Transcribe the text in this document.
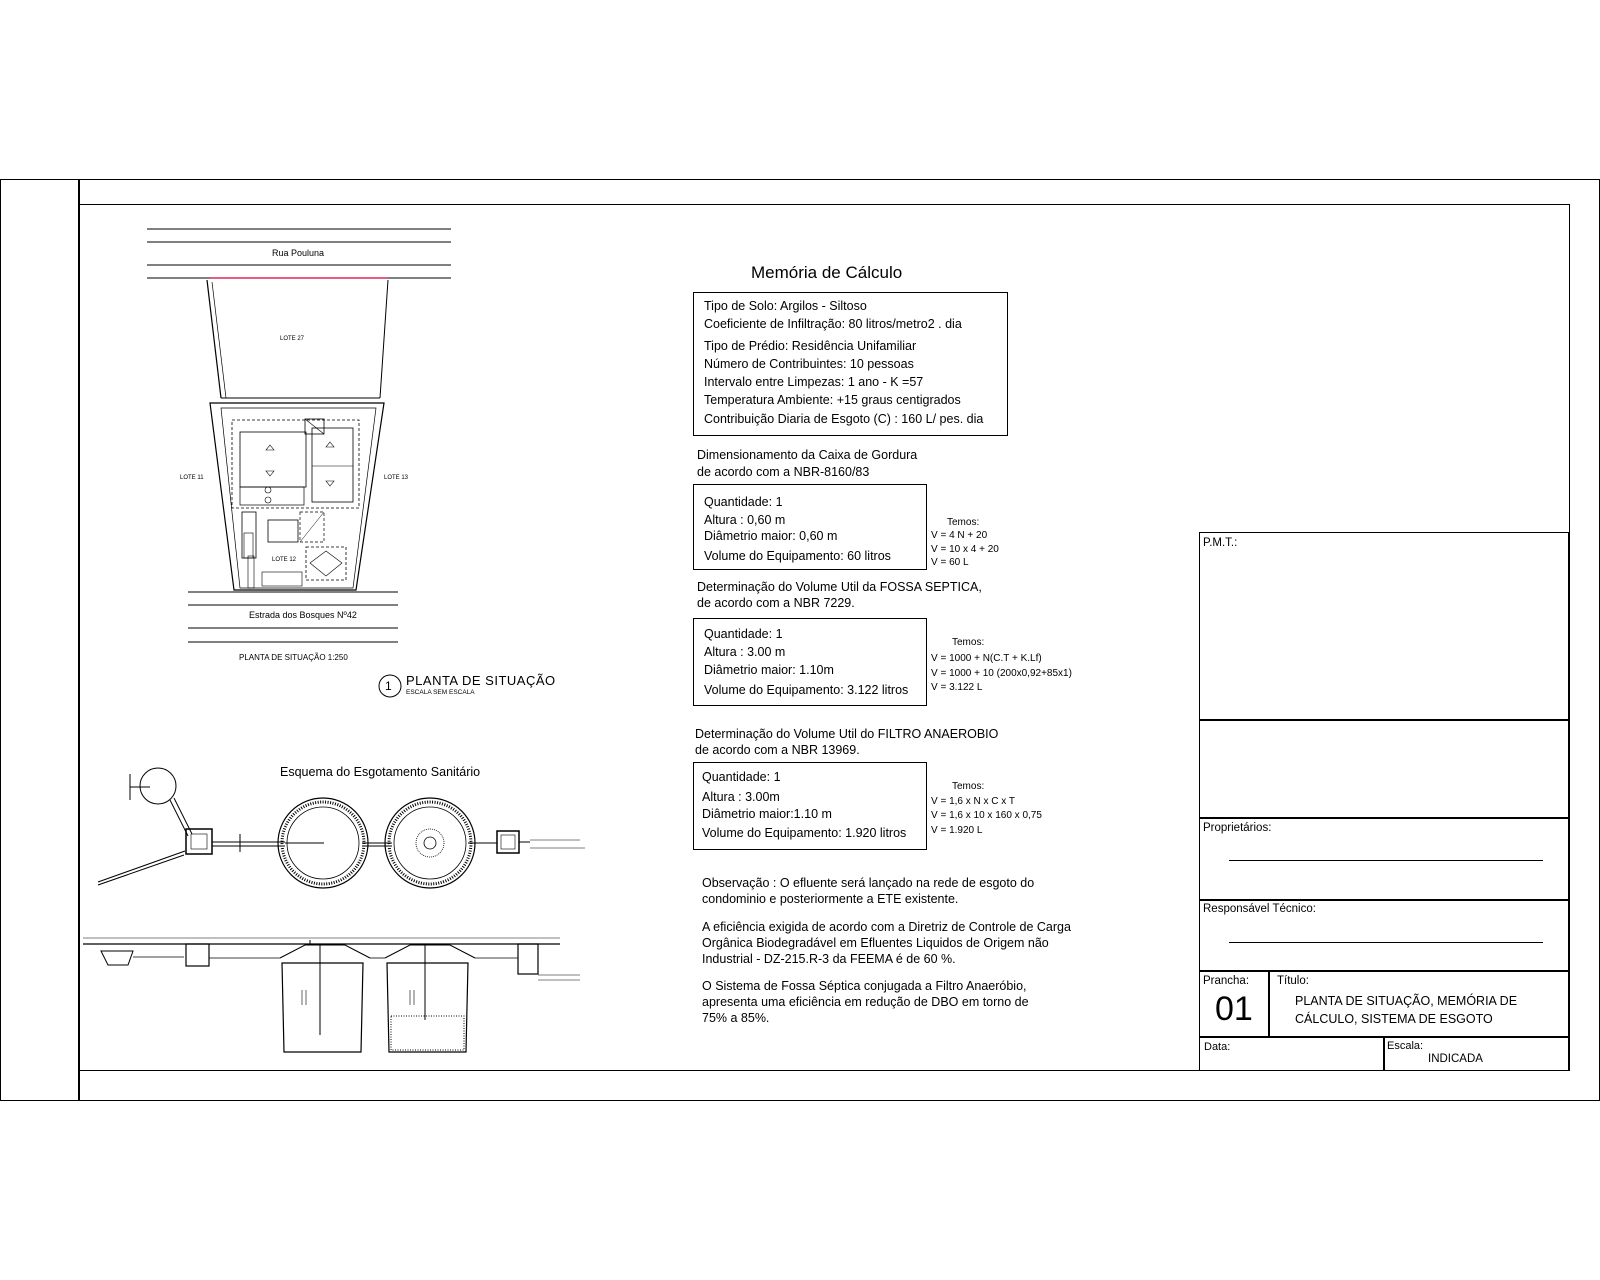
Rua Pouluna
LOTE 27
LOTE 12
LOTE 11	LOTE 13
Estrada dos Bosques Nº42
PLANTA DE SITUAÇÃO 1:250
1 PLANTA DE SITUAÇÃO
ESCALA SEM ESCALA
Esquema do Esgotamento Sanitário
Memória de Cálculo
Tipo de Solo: Argilos - Siltoso
Coeficiente de Infiltração: 80 litros/metro2 . dia
Tipo de Prédio: Residência Unifamiliar
Número de Contribuintes: 10 pessoas
Intervalo entre Limpezas: 1 ano - K =57
Temperatura Ambiente: +15 graus centigrados
Contribuição Diaria de Esgoto (C) : 160 L/ pes. dia
Dimensionamento da Caixa de Gordura
de acordo com a NBR-8160/83
Quantidade: 1
Altura : 0,60 m
Diâmetrio maior: 0,60 m
Volume do Equipamento: 60 litros
Temos:
V = 4 N + 20
V = 10 x 4 + 20
V = 60 L
Determinação do Volume Util da FOSSA SEPTICA,
de acordo com a NBR 7229.
Quantidade: 1
Altura : 3.00 m
Diâmetrio maior: 1.10m
Volume do Equipamento: 3.122 litros
Temos:
V = 1000 + N(C.T + K.Lf)
V = 1000 + 10 (200x0,92+85x1)
V = 3.122 L
Determinação do Volume Util do FILTRO ANAEROBIO
de acordo com a NBR 13969.
Quantidade: 1
Altura : 3.00m
Diâmetrio maior:1.10 m
Volume do Equipamento: 1.920 litros
Temos:
V = 1,6 x N x C x T
V = 1,6 x 10 x 160 x 0,75
V = 1.920 L
Observação : O efluente será lançado na rede de esgoto do
condominio e posteriormente a ETE existente.
A eficiência exigida de acordo com a Diretriz de Controle de Carga
Orgânica Biodegradável em Efluentes Liquidos de Origem não
Industrial - DZ-215.R-3 da FEEMA é de 60 %.
O Sistema de Fossa Séptica conjugada a Filtro Anaeróbio,
apresenta uma eficiência em redução de DBO em torno de
75% a 85%.
P.M.T.:
Proprietários:
Responsável Técnico:
Prancha:
01
Título:
PLANTA DE SITUAÇÃO, MEMÓRIA DE
CÁLCULO, SISTEMA DE ESGOTO
Data:	Escala:
INDICADA
